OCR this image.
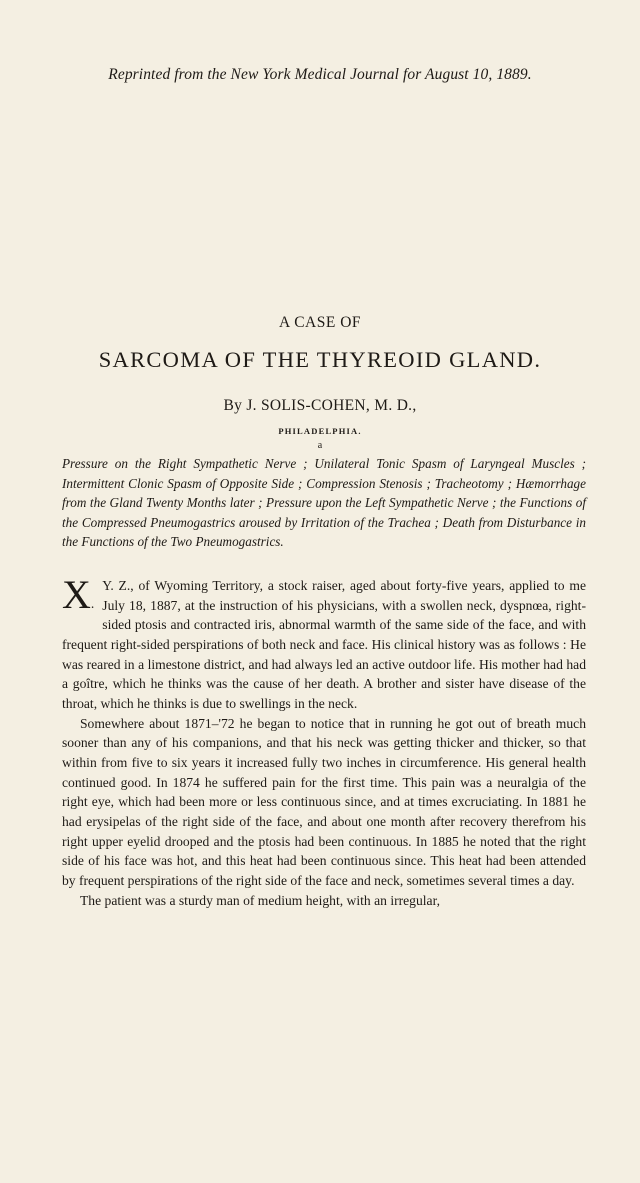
Reprinted from the New York Medical Journal for August 10, 1889.
A CASE OF
SARCOMA OF THE THYREOID GLAND.
By J. SOLIS-COHEN, M. D.,
PHILADELPHIA.
a
Pressure on the Right Sympathetic Nerve ; Unilateral Tonic Spasm of Laryngeal Muscles ; Intermittent Clonic Spasm of Opposite Side ; Compression Stenosis ; Tracheotomy ; Hæmorrhage from the Gland Twenty Months later ; Pressure upon the Left Sympathetic Nerve ; the Functions of the Compressed Pneumogastrics aroused by Irritation of the Trachea ; Death from Disturbance in the Functions of the Two Pneumogastrics.

X.
Y. Z., of Wyoming Territory, a stock raiser, aged about forty-five years, applied to me July 18, 1887, at the instruction of his physicians, with a swollen neck, dyspnœa, right-sided ptosis and contracted iris, abnormal warmth of the same side of the face, and with frequent right-sided perspirations of both neck and face. His clinical history was as follows : He was reared in a limestone district, and had always led an active outdoor life. His mother had had a goître, which he thinks was the cause of her death. A brother and sister have disease of the throat, which he thinks is due to swellings in the neck.

Somewhere about 1871–'72 he began to notice that in running he got out of breath much sooner than any of his companions, and that his neck was getting thicker and thicker, so that within from five to six years it increased fully two inches in circumference. His general health continued good. In 1874 he suffered pain for the first time. This pain was a neuralgia of the right eye, which had been more or less continuous since, and at times excruciating. In 1881 he had erysipelas of the right side of the face, and about one month after recovery therefrom his right upper eyelid drooped and the ptosis had been continuous. In 1885 he noted that the right side of his face was hot, and this heat had been continuous since. This heat had been attended by frequent perspirations of the right side of the face and neck, sometimes several times a day.

The patient was a sturdy man of medium height, with an irregular,
